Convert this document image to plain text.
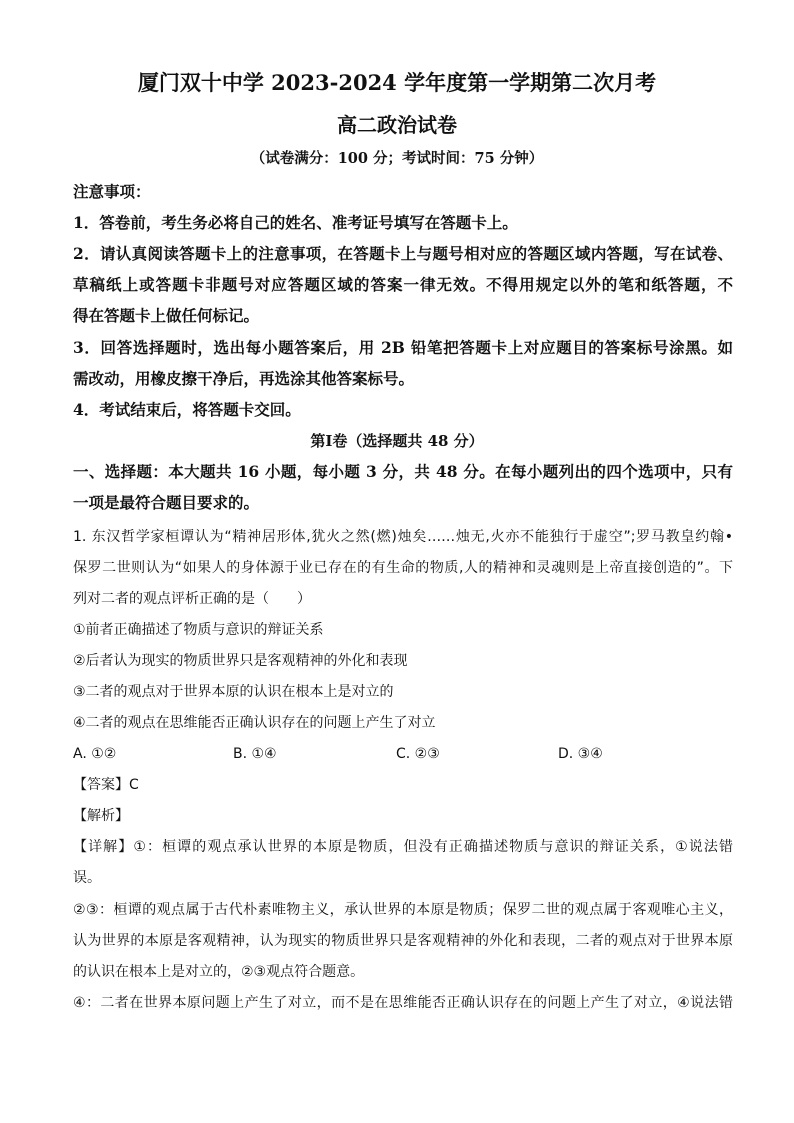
厦门双十中学 2023-2024 学年度第一学期第二次月考
高二政治试卷
（试卷满分：100 分；考试时间：75 分钟）
注意事项：
1．答卷前，考生务必将自己的姓名、准考证号填写在答题卡上。
2．请认真阅读答题卡上的注意事项，在答题卡上与题号相对应的答题区域内答题，写在试卷、
草稿纸上或答题卡非题号对应答题区域的答案一律无效。不得用规定以外的笔和纸答题，不
得在答题卡上做任何标记。
3．回答选择题时，选出每小题答案后，用 2B 铅笔把答题卡上对应题目的答案标号涂黑。如
需改动，用橡皮擦干净后，再选涂其他答案标号。
4．考试结束后，将答题卡交回。
第Ⅰ卷（选择题共 48 分）
一、选择题：本大题共 16 小题，每小题 3 分，共 48 分。在每小题列出的四个选项中，只有
一项是最符合题目要求的。
1. 东汉哲学家桓谭认为“精神居形体,犹火之然(燃)烛矣……烛无,火亦不能独行于虚空”;罗马教皇约翰•
保罗二世则认为“如果人的身体源于业已存在的有生命的物质,人的精神和灵魂则是上帝直接创造的”。下
列对二者的观点评析正确的是（　　）
①前者正确描述了物质与意识的辩证关系
②后者认为现实的物质世界只是客观精神的外化和表现
③二者的观点对于世界本原的认识在根本上是对立的
④二者的观点在思维能否正确认识存在的问题上产生了对立
A. ①②	B. ①④	C. ②③	D. ③④
【答案】C
【解析】
【详解】①：桓谭的观点承认世界的本原是物质，但没有正确描述物质与意识的辩证关系，①说法错
误。
②③：桓谭的观点属于古代朴素唯物主义，承认世界的本原是物质；保罗二世的观点属于客观唯心主义，
认为世界的本原是客观精神，认为现实的物质世界只是客观精神的外化和表现，二者的观点对于世界本原
的认识在根本上是对立的，②③观点符合题意。
④：二者在世界本原问题上产生了对立，而不是在思维能否正确认识存在的问题上产生了对立，④说法错
